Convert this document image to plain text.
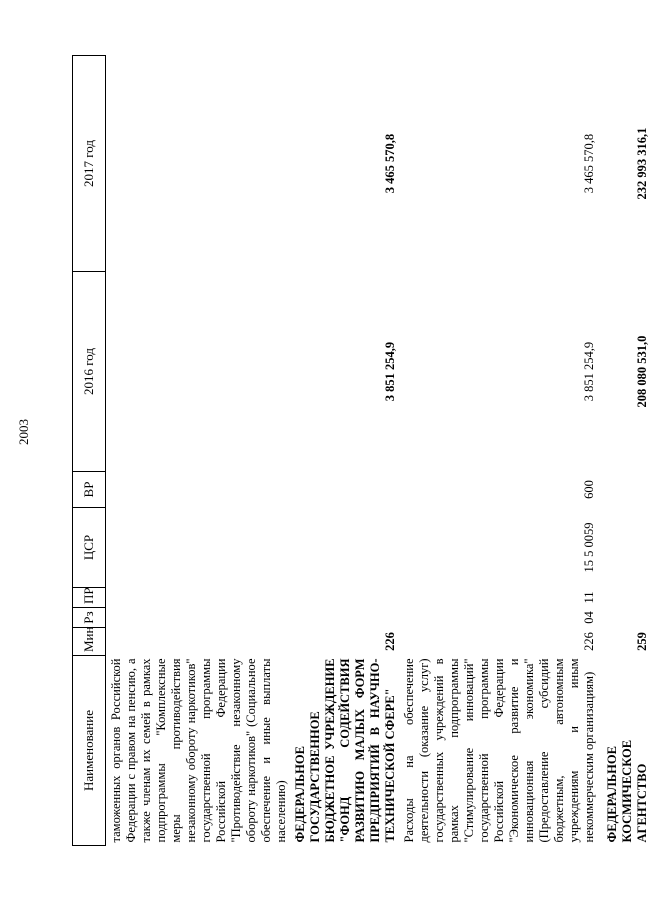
2003
Наименование	Мин	Рз	ПР	ЦСР	ВР	2016 год	2017 год
таможенных органов Российской Федерации с правом на пенсию, а также членам их семей в рамках подпрограммы "Комплексные меры противодействия незаконному обороту наркотиков" государственной программы Российской Федерации "Противодействие незаконному обороту наркотиков" (Социальное обеспечение и иные выплаты населению)							
ФЕДЕРАЛЬНОЕ ГОСУДАРСТВЕННОЕ БЮДЖЕТНОЕ УЧРЕЖДЕНИЕ "ФОНД СОДЕЙСТВИЯ РАЗВИТИЮ МАЛЫХ ФОРМ ПРЕДПРИЯТИЙ В НАУЧНО-ТЕХНИЧЕСКОЙ СФЕРЕ"	226					3 851 254,9	3 465 570,8
Расходы на обеспечение деятельности (оказание услуг) государственных учреждений в рамках подпрограммы "Стимулирование инноваций" государственной программы Российской Федерации "Экономическое развитие и инновационная экономика" (Предоставление субсидий бюджетным, автономным учреждениям и иным некоммерческим организациям)	226	04	11	15 5 0059	600	3 851 254,9	3 465 570,8
ФЕДЕРАЛЬНОЕ КОСМИЧЕСКОЕ АГЕНТСТВО	259					208 080 531,0	232 993 316,1
